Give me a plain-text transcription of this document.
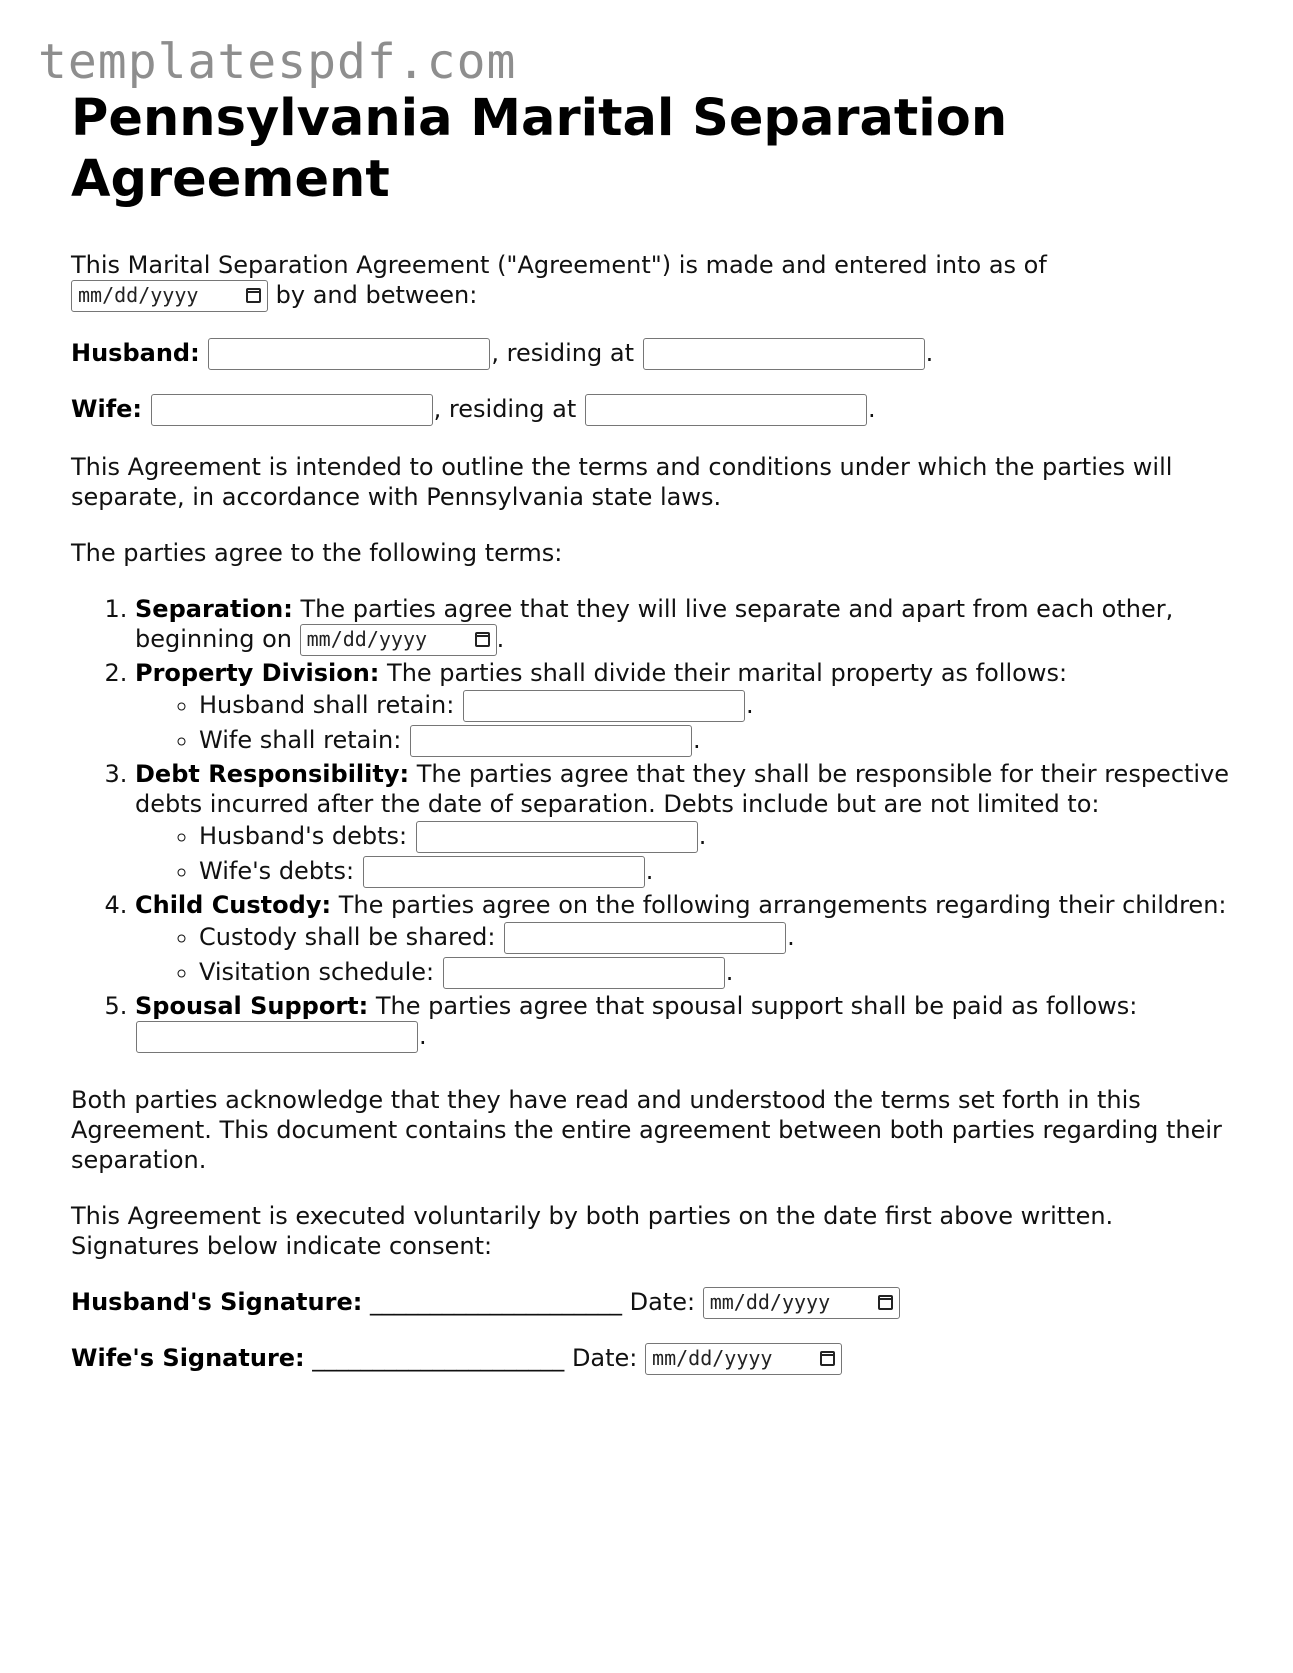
templatespdf.com
Pennsylvania Marital Separation Agreement

This Marital Separation Agreement ("Agreement") is made and entered into as of
mm/dd/yyyy	by and between:

Husband:	, residing at	.

Wife:	, residing at	.

This Agreement is intended to outline the terms and conditions under which the parties will separate, in accordance with Pennsylvania state laws.

The parties agree to the following terms:

1. Separation: The parties agree that they will live separate and apart from each other, beginning on mm/dd/yyyy	.
2. Property Division: The parties shall divide their marital property as follows:
◦ Husband shall retain:	.
◦ Wife shall retain:	.
3. Debt Responsibility: The parties agree that they shall be responsible for their respective debts incurred after the date of separation. Debts include but are not limited to:
◦ Husband's debts:	.
◦ Wife's debts:	.
4. Child Custody: The parties agree on the following arrangements regarding their children:
◦ Custody shall be shared:	.
◦ Visitation schedule:	.
5. Spousal Support: The parties agree that spousal support shall be paid as follows:
.

Both parties acknowledge that they have read and understood the terms set forth in this Agreement. This document contains the entire agreement between both parties regarding their separation.

This Agreement is executed voluntarily by both parties on the date first above written. Signatures below indicate consent:

Husband's Signature: _____________________ Date: mm/dd/yyyy

Wife's Signature: _____________________ Date: mm/dd/yyyy
